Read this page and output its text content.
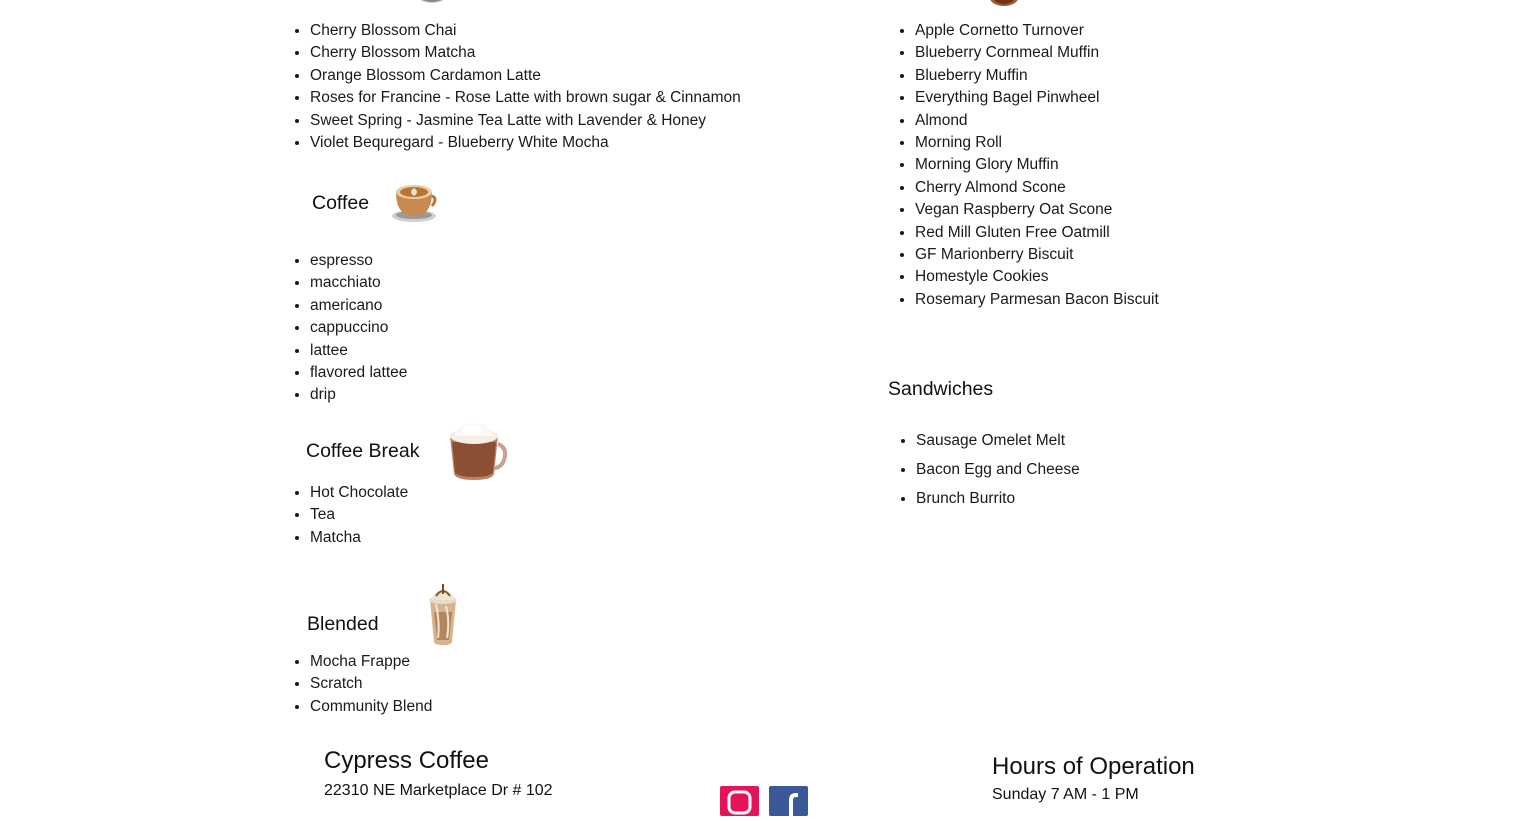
• Cherry Blossom Chai
• Cherry Blossom Matcha
• Orange Blossom Cardamon Latte
• Roses for Francine - Rose Latte with brown sugar & Cinnamon
• Sweet Spring - Jasmine Tea Latte with Lavender & Honey
• Violet Bequregard - Blueberry White Mocha
Coffee
• espresso
• macchiato
• americano
• cappuccino
• lattee
• flavored lattee
• drip
Coffee Break
• Hot Chocolate
• Tea
• Matcha
Blended
• Mocha Frappe
• Scratch
• Community Blend
• Apple Cornetto Turnover
• Blueberry Cornmeal Muffin
• Blueberry Muffin
• Everything Bagel Pinwheel
• Almond
• Morning Roll
• Morning Glory Muffin
• Cherry Almond Scone
• Vegan Raspberry Oat Scone
• Red Mill Gluten Free Oatmill
• GF Marionberry Biscuit
• Homestyle Cookies
• Rosemary Parmesan Bacon Biscuit
Sandwiches
• Sausage Omelet Melt
• Bacon Egg and Cheese
• Brunch Burrito
Cypress Coffee
22310 NE Marketplace Dr # 102
Hours of Operation
Sunday 7 AM - 1 PM
